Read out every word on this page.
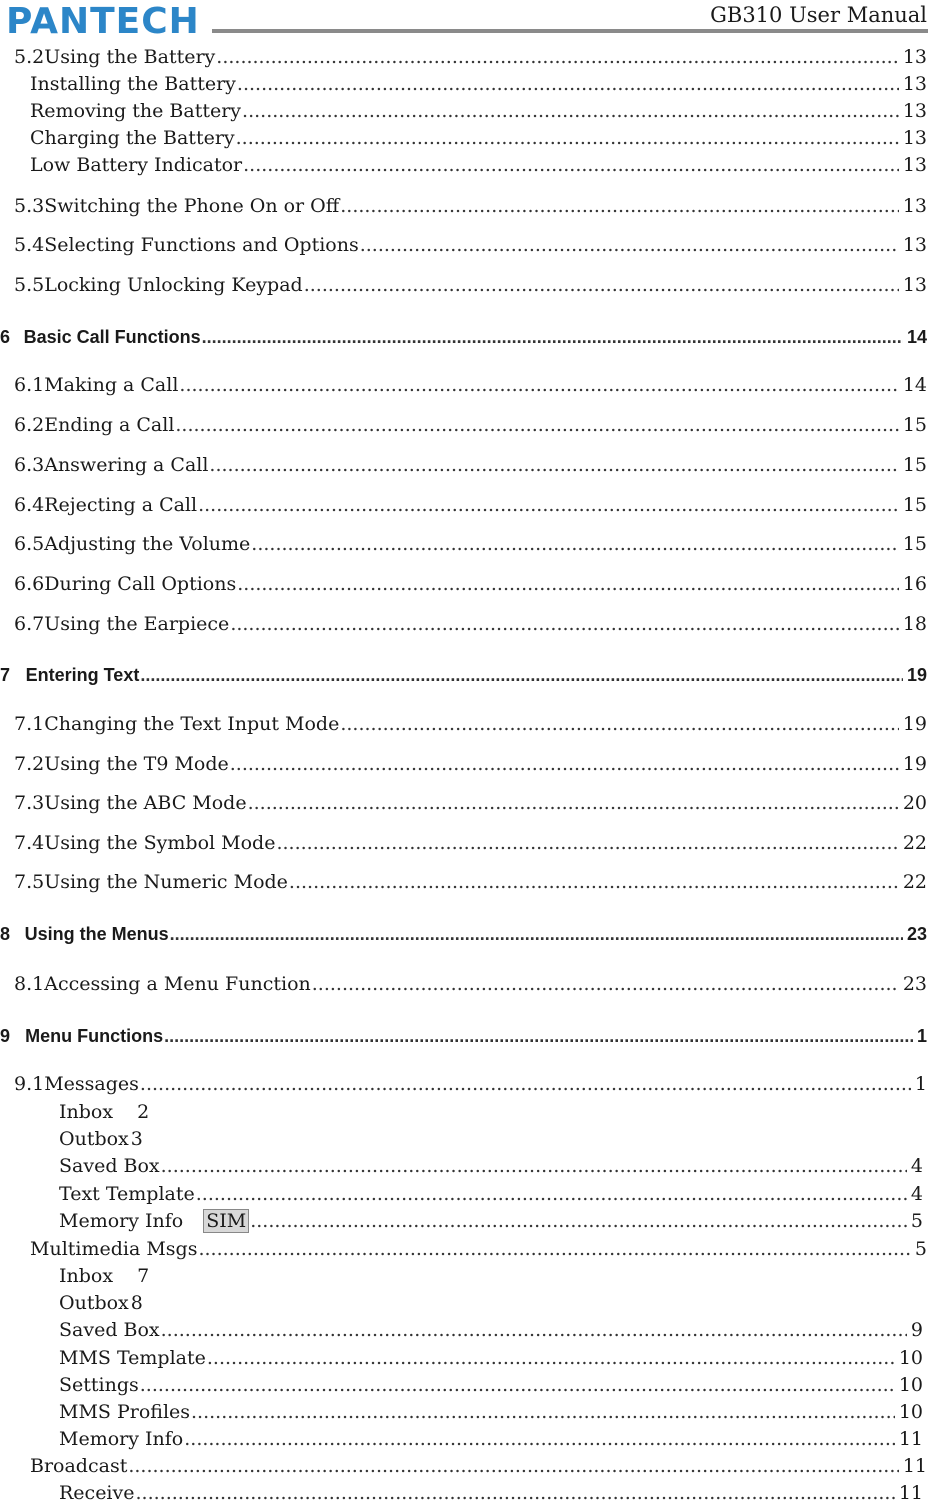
PANTECH	GB310 User Manual
5.2 Using the Battery .....	13
Installing the Battery .....	13
Removing the Battery .....	13
Charging the Battery .....	13
Low Battery Indicator .....	13
5.3 Switching the Phone On or Off .....	13
5.4 Selecting Functions and Options .....	13
5.5 Locking Unlocking Keypad .....	13
6 Basic Call Functions .....	14
6.1 Making a Call .....	14
6.2 Ending a Call .....	15
6.3 Answering a Call .....	15
6.4 Rejecting a Call .....	15
6.5 Adjusting the Volume .....	15
6.6 During Call Options .....	16
6.7 Using the Earpiece .....	18
7 Entering Text .....	19
7.1 Changing the Text Input Mode .....	19
7.2 Using the T9 Mode .....	19
7.3 Using the ABC Mode .....	20
7.4 Using the Symbol Mode .....	22
7.5 Using the Numeric Mode .....	22
8 Using the Menus .....	23
8.1 Accessing a Menu Function .....	23
9 Menu Functions .....	1
9.1 Messages .....	1
Inbox 2
Outbox 3
Saved Box .....	4
Text Template .....	4
Memory Info SIM .....	5
Multimedia Msgs .....	5
Inbox 7
Outbox 8
Saved Box .....	9
MMS Template .....	10
Settings .....	10
MMS Profiles .....	10
Memory Info .....	11
Broadcast .....	11
Receive .....	11
